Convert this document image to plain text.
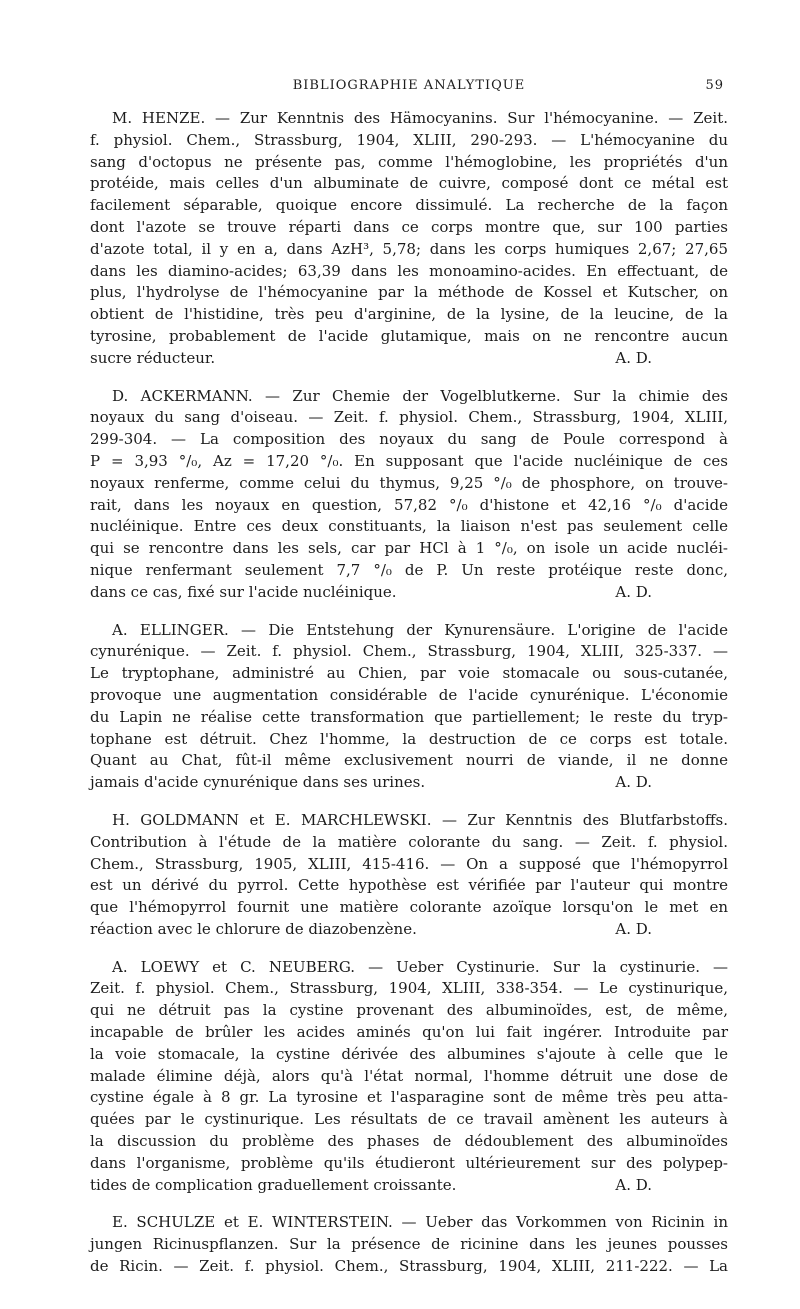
BIBLIOGRAPHIE ANALYTIQUE	59
M. HENZE. — Zur Kenntnis des Hämocyanins. Sur l'hémocyanine. — Zeit.
f. physiol. Chem., Strassburg, 1904, XLIII, 290-293. — L'hémocyanine du
sang d'octopus ne présente pas, comme l'hémoglobine, les propriétés d'un
protéide, mais celles d'un albuminate de cuivre, composé dont ce métal est
facilement séparable, quoique encore dissimulé. La recherche de la façon
dont l'azote se trouve réparti dans ce corps montre que, sur 100 parties
d'azote total, il y en a, dans AzH³, 5,78; dans les corps humiques 2,67; 27,65
dans les diamino-acides; 63,39 dans les monoamino-acides. En effectuant, de
plus, l'hydrolyse de l'hémocyanine par la méthode de Kossel et Kutscher, on
obtient de l'histidine, très peu d'arginine, de la lysine, de la leucine, de la
tyrosine, probablement de l'acide glutamique, mais on ne rencontre aucun
sucre réducteur.	A. D.
D. ACKERMANN. — Zur Chemie der Vogelblutkerne. Sur la chimie des
noyaux du sang d'oiseau. — Zeit. f. physiol. Chem., Strassburg, 1904, XLIII,
299-304. — La composition des noyaux du sang de Poule correspond à
P = 3,93 °/₀, Az = 17,20 °/₀. En supposant que l'acide nucléinique de ces
noyaux renferme, comme celui du thymus, 9,25 °/₀ de phosphore, on trouve-
rait, dans les noyaux en question, 57,82 °/₀ d'histone et 42,16 °/₀ d'acide
nucléinique. Entre ces deux constituants, la liaison n'est pas seulement celle
qui se rencontre dans les sels, car par HCl à 1 °/₀, on isole un acide nucléi-
nique renfermant seulement 7,7 °/₀ de P. Un reste protéique reste donc,
dans ce cas, fixé sur l'acide nucléinique.	A. D.
A. ELLINGER. — Die Entstehung der Kynurensäure. L'origine de l'acide
cynurénique. — Zeit. f. physiol. Chem., Strassburg, 1904, XLIII, 325-337. —
Le tryptophane, administré au Chien, par voie stomacale ou sous-cutanée,
provoque une augmentation considérable de l'acide cynurénique. L'économie
du Lapin ne réalise cette transformation que partiellement; le reste du tryp-
tophane est détruit. Chez l'homme, la destruction de ce corps est totale.
Quant au Chat, fût-il même exclusivement nourri de viande, il ne donne
jamais d'acide cynurénique dans ses urines.	A. D.
H. GOLDMANN et E. MARCHLEWSKI. — Zur Kenntnis des Blutfarbstoffs.
Contribution à l'étude de la matière colorante du sang. — Zeit. f. physiol.
Chem., Strassburg, 1905, XLIII, 415-416. — On a supposé que l'hémopyrrol
est un dérivé du pyrrol. Cette hypothèse est vérifiée par l'auteur qui montre
que l'hémopyrrol fournit une matière colorante azoïque lorsqu'on le met en
réaction avec le chlorure de diazobenzène.	A. D.
A. LOEWY et C. NEUBERG. — Ueber Cystinurie. Sur la cystinurie. —
Zeit. f. physiol. Chem., Strassburg, 1904, XLIII, 338-354. — Le cystinurique,
qui ne détruit pas la cystine provenant des albuminoïdes, est, de même,
incapable de brûler les acides aminés qu'on lui fait ingérer. Introduite par
la voie stomacale, la cystine dérivée des albumines s'ajoute à celle que le
malade élimine déjà, alors qu'à l'état normal, l'homme détruit une dose de
cystine égale à 8 gr. La tyrosine et l'asparagine sont de même très peu atta-
quées par le cystinurique. Les résultats de ce travail amènent les auteurs à
la discussion du problème des phases de dédoublement des albuminoïdes
dans l'organisme, problème qu'ils étudieront ultérieurement sur des polypep-
tides de complication graduellement croissante.	A. D.
E. SCHULZE et E. WINTERSTEIN. — Ueber das Vorkommen von Ricinin in
jungen Ricinuspflanzen. Sur la présence de ricinine dans les jeunes pousses
de Ricin. — Zeit. f. physiol. Chem., Strassburg, 1904, XLIII, 211-222. — La
